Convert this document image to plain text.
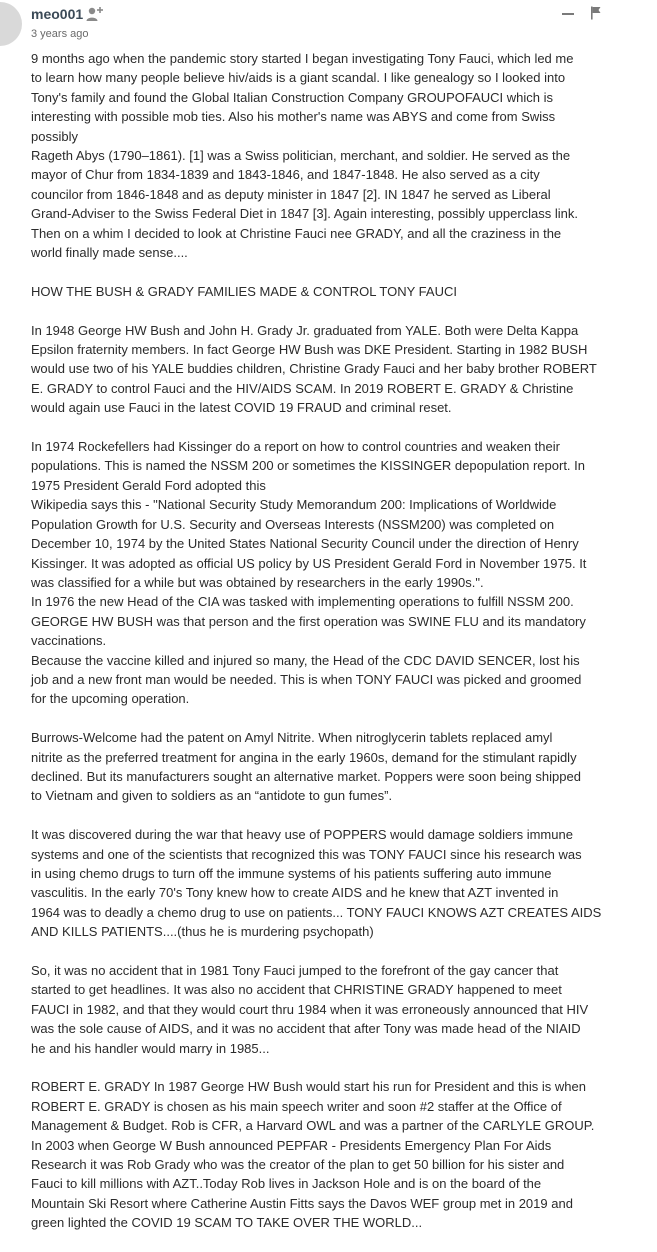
meo001
3 years ago

9 months ago when the pandemic story started I began investigating Tony Fauci, which led me
to learn how many people believe hiv/aids is a giant scandal. I like genealogy so I looked into
Tony's family and found the Global Italian Construction Company GROUPOFAUCI which is
interesting with possible mob ties. Also his mother's name was ABYS and come from Swiss
possibly
Rageth Abys (1790–1861). [1] was a Swiss politician, merchant, and soldier. He served as the
mayor of Chur from 1834-1839 and 1843-1846, and 1847-1848. He also served as a city
councilor from 1846-1848 and as deputy minister in 1847 [2]. IN 1847 he served as Liberal
Grand-Adviser to the Swiss Federal Diet in 1847 [3]. Again interesting, possibly upperclass link.
Then on a whim I decided to look at Christine Fauci nee GRADY, and all the craziness in the
world finally made sense....

HOW THE BUSH & GRADY FAMILIES MADE & CONTROL TONY FAUCI

In 1948 George HW Bush and John H. Grady Jr. graduated from YALE. Both were Delta Kappa
Epsilon fraternity members. In fact George HW Bush was DKE President. Starting in 1982 BUSH
would use two of his YALE buddies children, Christine Grady Fauci and her baby brother ROBERT
E. GRADY to control Fauci and the HIV/AIDS SCAM. In 2019 ROBERT E. GRADY & Christine
would again use Fauci in the latest COVID 19 FRAUD and criminal reset.

In 1974 Rockefellers had Kissinger do a report on how to control countries and weaken their
populations. This is named the NSSM 200 or sometimes the KISSINGER depopulation report. In
1975 President Gerald Ford adopted this
Wikipedia says this - "National Security Study Memorandum 200: Implications of Worldwide
Population Growth for U.S. Security and Overseas Interests (NSSM200) was completed on
December 10, 1974 by the United States National Security Council under the direction of Henry
Kissinger. It was adopted as official US policy by US President Gerald Ford in November 1975. It
was classified for a while but was obtained by researchers in the early 1990s.".
In 1976 the new Head of the CIA was tasked with implementing operations to fulfill NSSM 200.
GEORGE HW BUSH was that person and the first operation was SWINE FLU and its mandatory
vaccinations.
Because the vaccine killed and injured so many, the Head of the CDC DAVID SENCER, lost his
job and a new front man would be needed. This is when TONY FAUCI was picked and groomed
for the upcoming operation.

Burrows-Welcome had the patent on Amyl Nitrite. When nitroglycerin tablets replaced amyl
nitrite as the preferred treatment for angina in the early 1960s, demand for the stimulant rapidly
declined. But its manufacturers sought an alternative market. Poppers were soon being shipped
to Vietnam and given to soldiers as an “antidote to gun fumes”.

It was discovered during the war that heavy use of POPPERS would damage soldiers immune
systems and one of the scientists that recognized this was TONY FAUCI since his research was
in using chemo drugs to turn off the immune systems of his patients suffering auto immune
vasculitis. In the early 70's Tony knew how to create AIDS and he knew that AZT invented in
1964 was to deadly a chemo drug to use on patients... TONY FAUCI KNOWS AZT CREATES AIDS
AND KILLS PATIENTS....(thus he is murdering psychopath)

So, it was no accident that in 1981 Tony Fauci jumped to the forefront of the gay cancer that
started to get headlines. It was also no accident that CHRISTINE GRADY happened to meet
FAUCI in 1982, and that they would court thru 1984 when it was erroneously announced that HIV
was the sole cause of AIDS, and it was no accident that after Tony was made head of the NIAID
he and his handler would marry in 1985...

ROBERT E. GRADY In 1987 George HW Bush would start his run for President and this is when
ROBERT E. GRADY is chosen as his main speech writer and soon #2 staffer at the Office of
Management & Budget. Rob is CFR, a Harvard OWL and was a partner of the CARLYLE GROUP.
In 2003 when George W Bush announced PEPFAR - Presidents Emergency Plan For Aids
Research it was Rob Grady who was the creator of the plan to get 50 billion for his sister and
Fauci to kill millions with AZT..Today Rob lives in Jackson Hole and is on the board of the
Mountain Ski Resort where Catherine Austin Fitts says the Davos WEF group met in 2019 and
green lighted the COVID 19 SCAM TO TAKE OVER THE WORLD...
